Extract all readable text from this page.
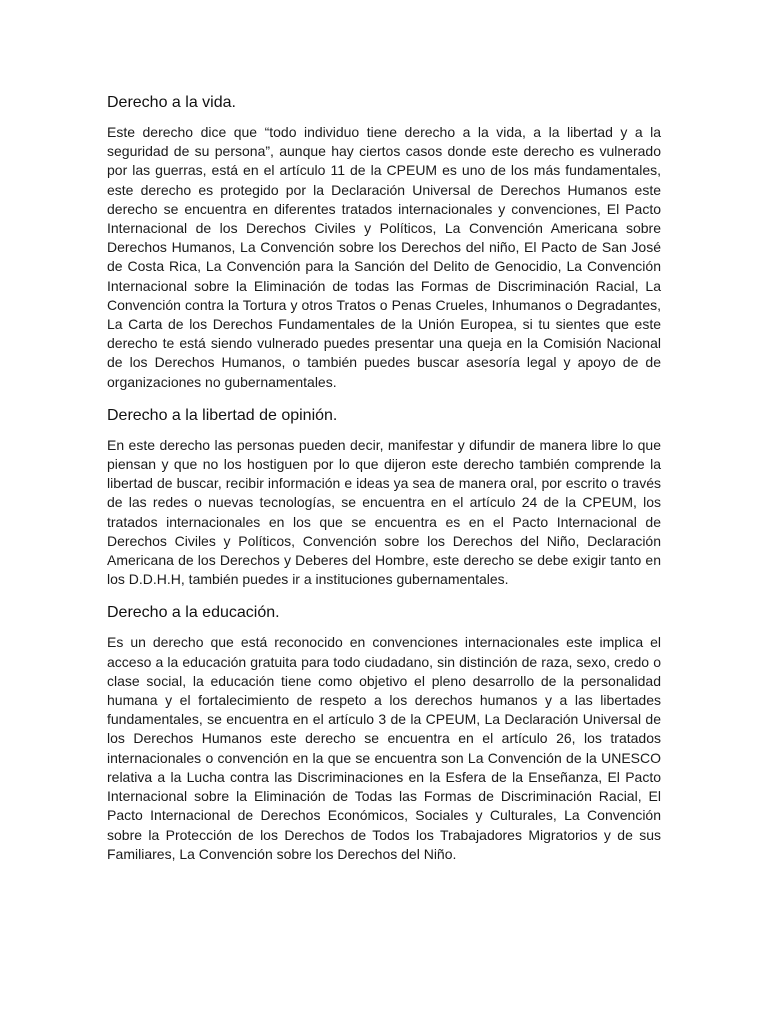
Derecho a la vida.

Este derecho dice que “todo individuo tiene derecho a la vida, a la libertad y a la seguridad de su persona”, aunque hay ciertos casos donde este derecho es vulnerado por las guerras, está en el artículo 11 de la CPEUM es uno de los más fundamentales, este derecho es protegido por la Declaración Universal de Derechos Humanos este derecho se encuentra en diferentes tratados internacionales y convenciones, El Pacto Internacional de los Derechos Civiles y Políticos, La Convención Americana sobre Derechos Humanos, La Convención sobre los Derechos del niño, El Pacto de San José de Costa Rica, La Convención para la Sanción del Delito de Genocidio, La Convención Internacional sobre la Eliminación de todas las Formas de Discriminación Racial, La Convención contra la Tortura y otros Tratos o Penas Crueles, Inhumanos o Degradantes, La Carta de los Derechos Fundamentales de la Unión Europea, si tu sientes que este derecho te está siendo vulnerado puedes presentar una queja en la Comisión Nacional de los Derechos Humanos, o también puedes buscar asesoría legal y apoyo de de organizaciones no gubernamentales.

Derecho a la libertad de opinión.

En este derecho las personas pueden decir, manifestar y difundir de manera libre lo que piensan y que no los hostiguen por lo que dijeron este derecho también comprende la libertad de buscar, recibir información e ideas ya sea de manera oral, por escrito o través de las redes o nuevas tecnologías, se encuentra en el artículo 24 de la CPEUM, los tratados internacionales en los que se encuentra es en el Pacto Internacional de Derechos Civiles y Políticos, Convención sobre los Derechos del Niño, Declaración Americana de los Derechos y Deberes del Hombre, este derecho se debe exigir tanto en los D.D.H.H, también puedes ir a instituciones gubernamentales.

Derecho a la educación.

Es un derecho que está reconocido en convenciones internacionales este implica el acceso a la educación gratuita para todo ciudadano, sin distinción de raza, sexo, credo o clase social, la educación tiene como objetivo el pleno desarrollo de la personalidad humana y el fortalecimiento de respeto a los derechos humanos y a las libertades fundamentales, se encuentra en el artículo 3 de la CPEUM, La Declaración Universal de los Derechos Humanos este derecho se encuentra en el artículo 26, los tratados internacionales o convención en la que se encuentra son La Convención de la UNESCO relativa a la Lucha contra las Discriminaciones en la Esfera de la Enseñanza, El Pacto Internacional sobre la Eliminación de Todas las Formas de Discriminación Racial, El Pacto Internacional de Derechos Económicos, Sociales y Culturales, La Convención sobre la Protección de los Derechos de Todos los Trabajadores Migratorios y de sus Familiares, La Convención sobre los Derechos del Niño.
